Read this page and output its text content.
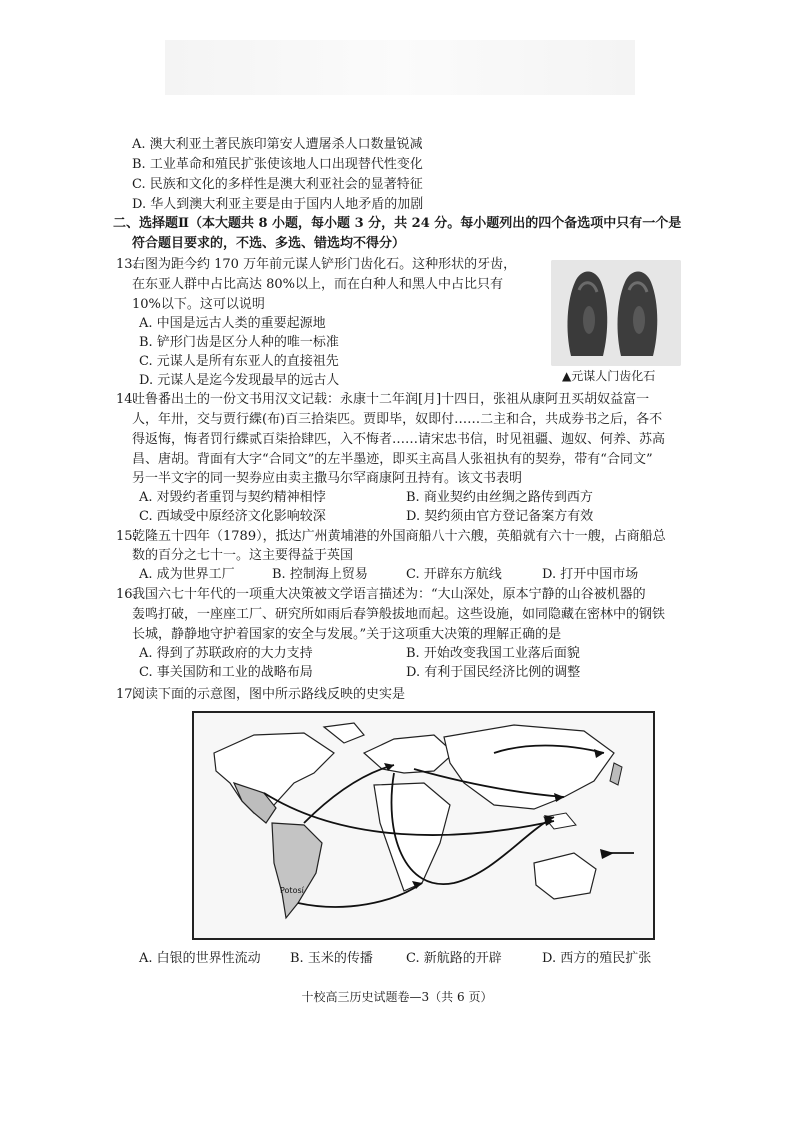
A. 澳大利亚土著民族印第安人遭屠杀人口数量锐减
B. 工业革命和殖民扩张使该地人口出现替代性变化
C. 民族和文化的多样性是澳大利亚社会的显著特征
D. 华人到澳大利亚主要是由于国内人地矛盾的加剧
二、选择题Ⅱ（本大题共 8 小题，每小题 3 分，共 24 分。每小题列出的四个备选项中只有一个是
符合题目要求的，不选、多选、错选均不得分）
13.
右图为距今约 170 万年前元谋人铲形门齿化石。这种形状的牙齿，
在东亚人群中占比高达 80%以上，而在白种人和黑人中占比只有
10%以下。这可以说明
A. 中国是远古人类的重要起源地
B. 铲形门齿是区分人种的唯一标准
C. 元谋人是所有东亚人的直接祖先
D. 元谋人是迄今发现最早的远古人	▲元谋人门齿化石
14.
吐鲁番出土的一份文书用汉文记载：永康十二年润[月]十四日，张祖从康阿丑买胡奴益富一
人，年卅，交与贾行緤(布)百三拾柒匹。贾即毕，奴即付……二主和合，共成券书之后，各不
得返悔，悔者罚行緤贰百柒拾肆匹，入不悔者……请宋忠书信，时见祖疆、迦奴、何养、苏高
昌、唐胡。背面有大字“合同文”的左半墨迹，即买主高昌人张祖执有的契券，带有“合同文”
另一半文字的同一契券应由卖主撒马尔罕商康阿丑持有。该文书表明
A. 对毁约者重罚与契约精神相悖	B. 商业契约由丝绸之路传到西方
C. 西域受中原经济文化影响较深	D. 契约须由官方登记备案方有效
15.
乾隆五十四年（1789），抵达广州黄埔港的外国商船八十六艘，英船就有六十一艘，占商船总
数的百分之七十一。这主要得益于英国
A. 成为世界工厂	B. 控制海上贸易	C. 开辟东方航线	D. 打开中国市场
16.
我国六七十年代的一项重大决策被文学语言描述为：“大山深处，原本宁静的山谷被机器的
轰鸣打破，一座座工厂、研究所如雨后春笋般拔地而起。这些设施，如同隐藏在密林中的钢铁
长城，静静地守护着国家的安全与发展。”关于这项重大决策的理解正确的是
A. 得到了苏联政府的大力支持	B. 开始改变我国工业落后面貌
C. 事关国防和工业的战略布局	D. 有利于国民经济比例的调整
17.
阅读下面的示意图，图中所示路线反映的史实是
Potosí
A. 白银的世界性流动 B. 玉米的传播	C. 新航路的开辟	D. 西方的殖民扩张
十校高三历史试题卷—3（共 6 页）
